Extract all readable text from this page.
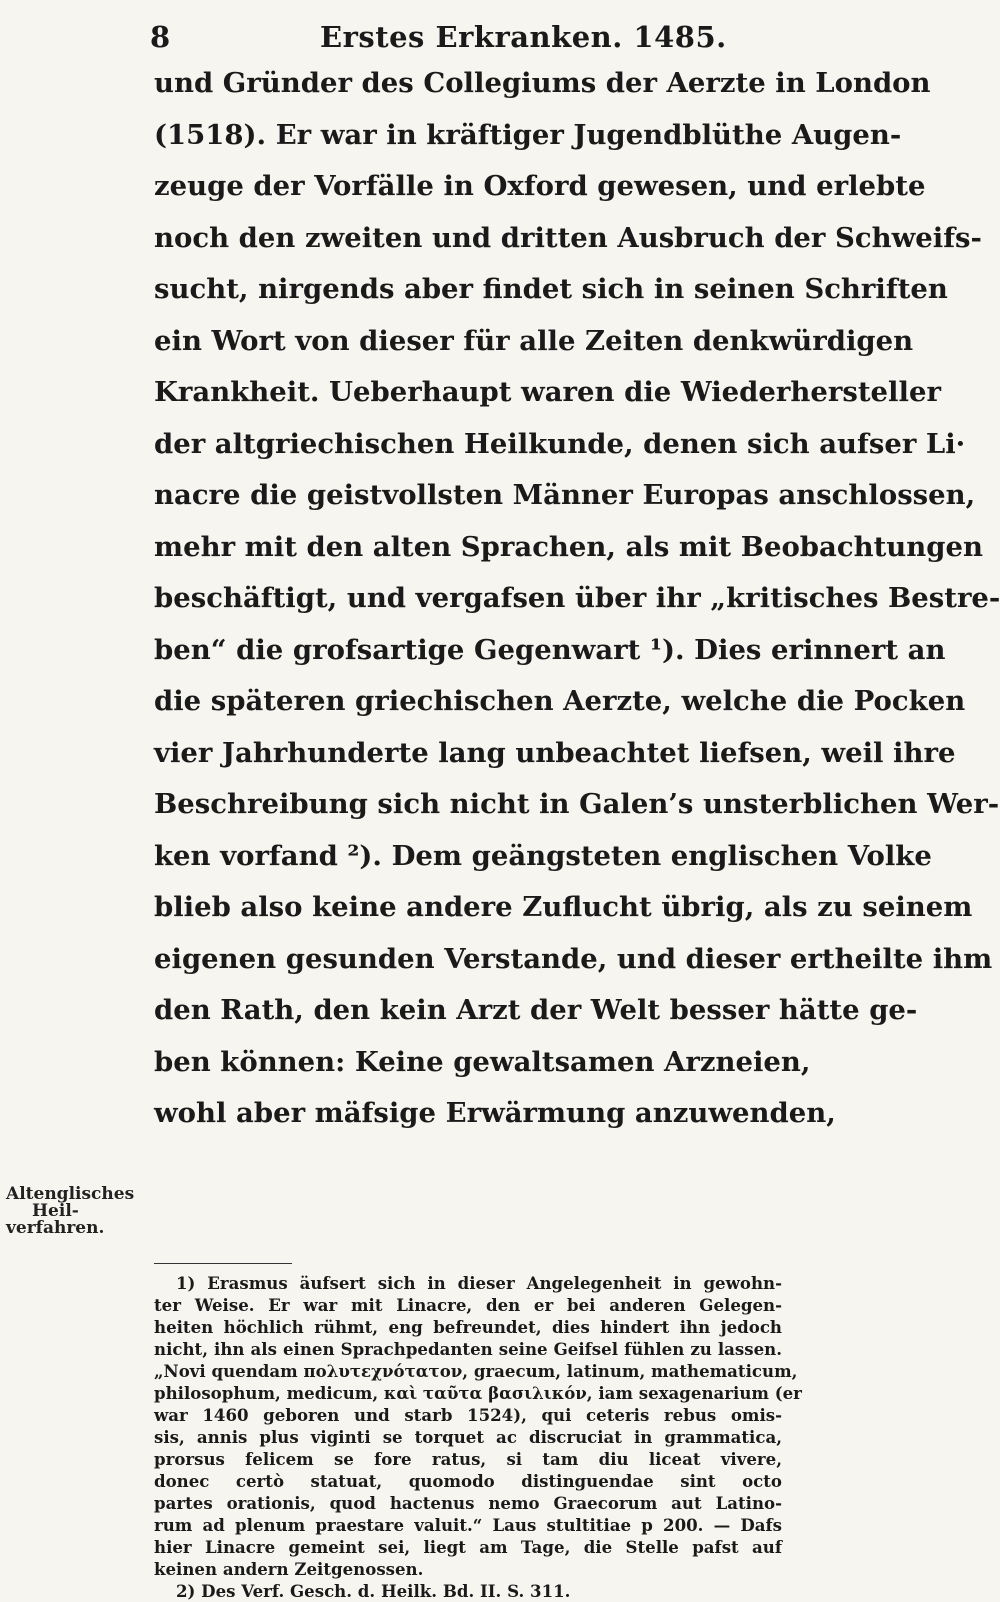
8	Erstes Erkranken. 1485.
und Gründer des Collegiums der Aerzte in London
(1518). Er war in kräftiger Jugendblüthe Augen-
zeuge der Vorfälle in Oxford gewesen, und erlebte
noch den zweiten und dritten Ausbruch der Schweifs-
sucht, nirgends aber findet sich in seinen Schriften
ein Wort von dieser für alle Zeiten denkwürdigen
Krankheit. Ueberhaupt waren die Wiederhersteller
der altgriechischen Heilkunde, denen sich aufser Li·
nacre die geistvollsten Männer Europas anschlossen,
mehr mit den alten Sprachen, als mit Beobachtungen
beschäftigt, und vergafsen über ihr „kritisches Bestre-
ben“ die grofsartige Gegenwart ¹). Dies erinnert an
die späteren griechischen Aerzte, welche die Pocken
vier Jahrhunderte lang unbeachtet liefsen, weil ihre
Beschreibung sich nicht in Galen’s unsterblichen Wer-
ken vorfand ²). Dem geängsteten englischen Volke
blieb also keine andere Zuflucht übrig, als zu seinem
eigenen gesunden Verstande, und dieser ertheilte ihm
den Rath, den kein Arzt der Welt besser hätte ge-
ben können: Keine gewaltsamen Arzneien,
wohl aber mäfsige Erwärmung anzuwenden,
Altenglisches
Heil-
verfahren.
1) Erasmus äufsert sich in dieser Angelegenheit in gewohn-
ter Weise. Er war mit Linacre, den er bei anderen Gelegen-
heiten höchlich rühmt, eng befreundet, dies hindert ihn jedoch
nicht, ihn als einen Sprachpedanten seine Geifsel fühlen zu lassen.
„Novi quendam πολυτεχνότατον, graecum, latinum, mathematicum,
philosophum, medicum, καὶ ταῦτα βασιλικόν, iam sexagenarium (er
war 1460 geboren und starb 1524), qui ceteris rebus omis-
sis, annis plus viginti se torquet ac discruciat in grammatica,
prorsus felicem se fore ratus, si tam diu liceat vivere,
donec certò statuat, quomodo distinguendae sint octo
partes orationis, quod hactenus nemo Graecorum aut Latino-
rum ad plenum praestare valuit.“ Laus stultitiae p 200. — Dafs
hier Linacre gemeint sei, liegt am Tage, die Stelle pafst auf
keinen andern Zeitgenossen.
2) Des Verf. Gesch. d. Heilk. Bd. II. S. 311.
